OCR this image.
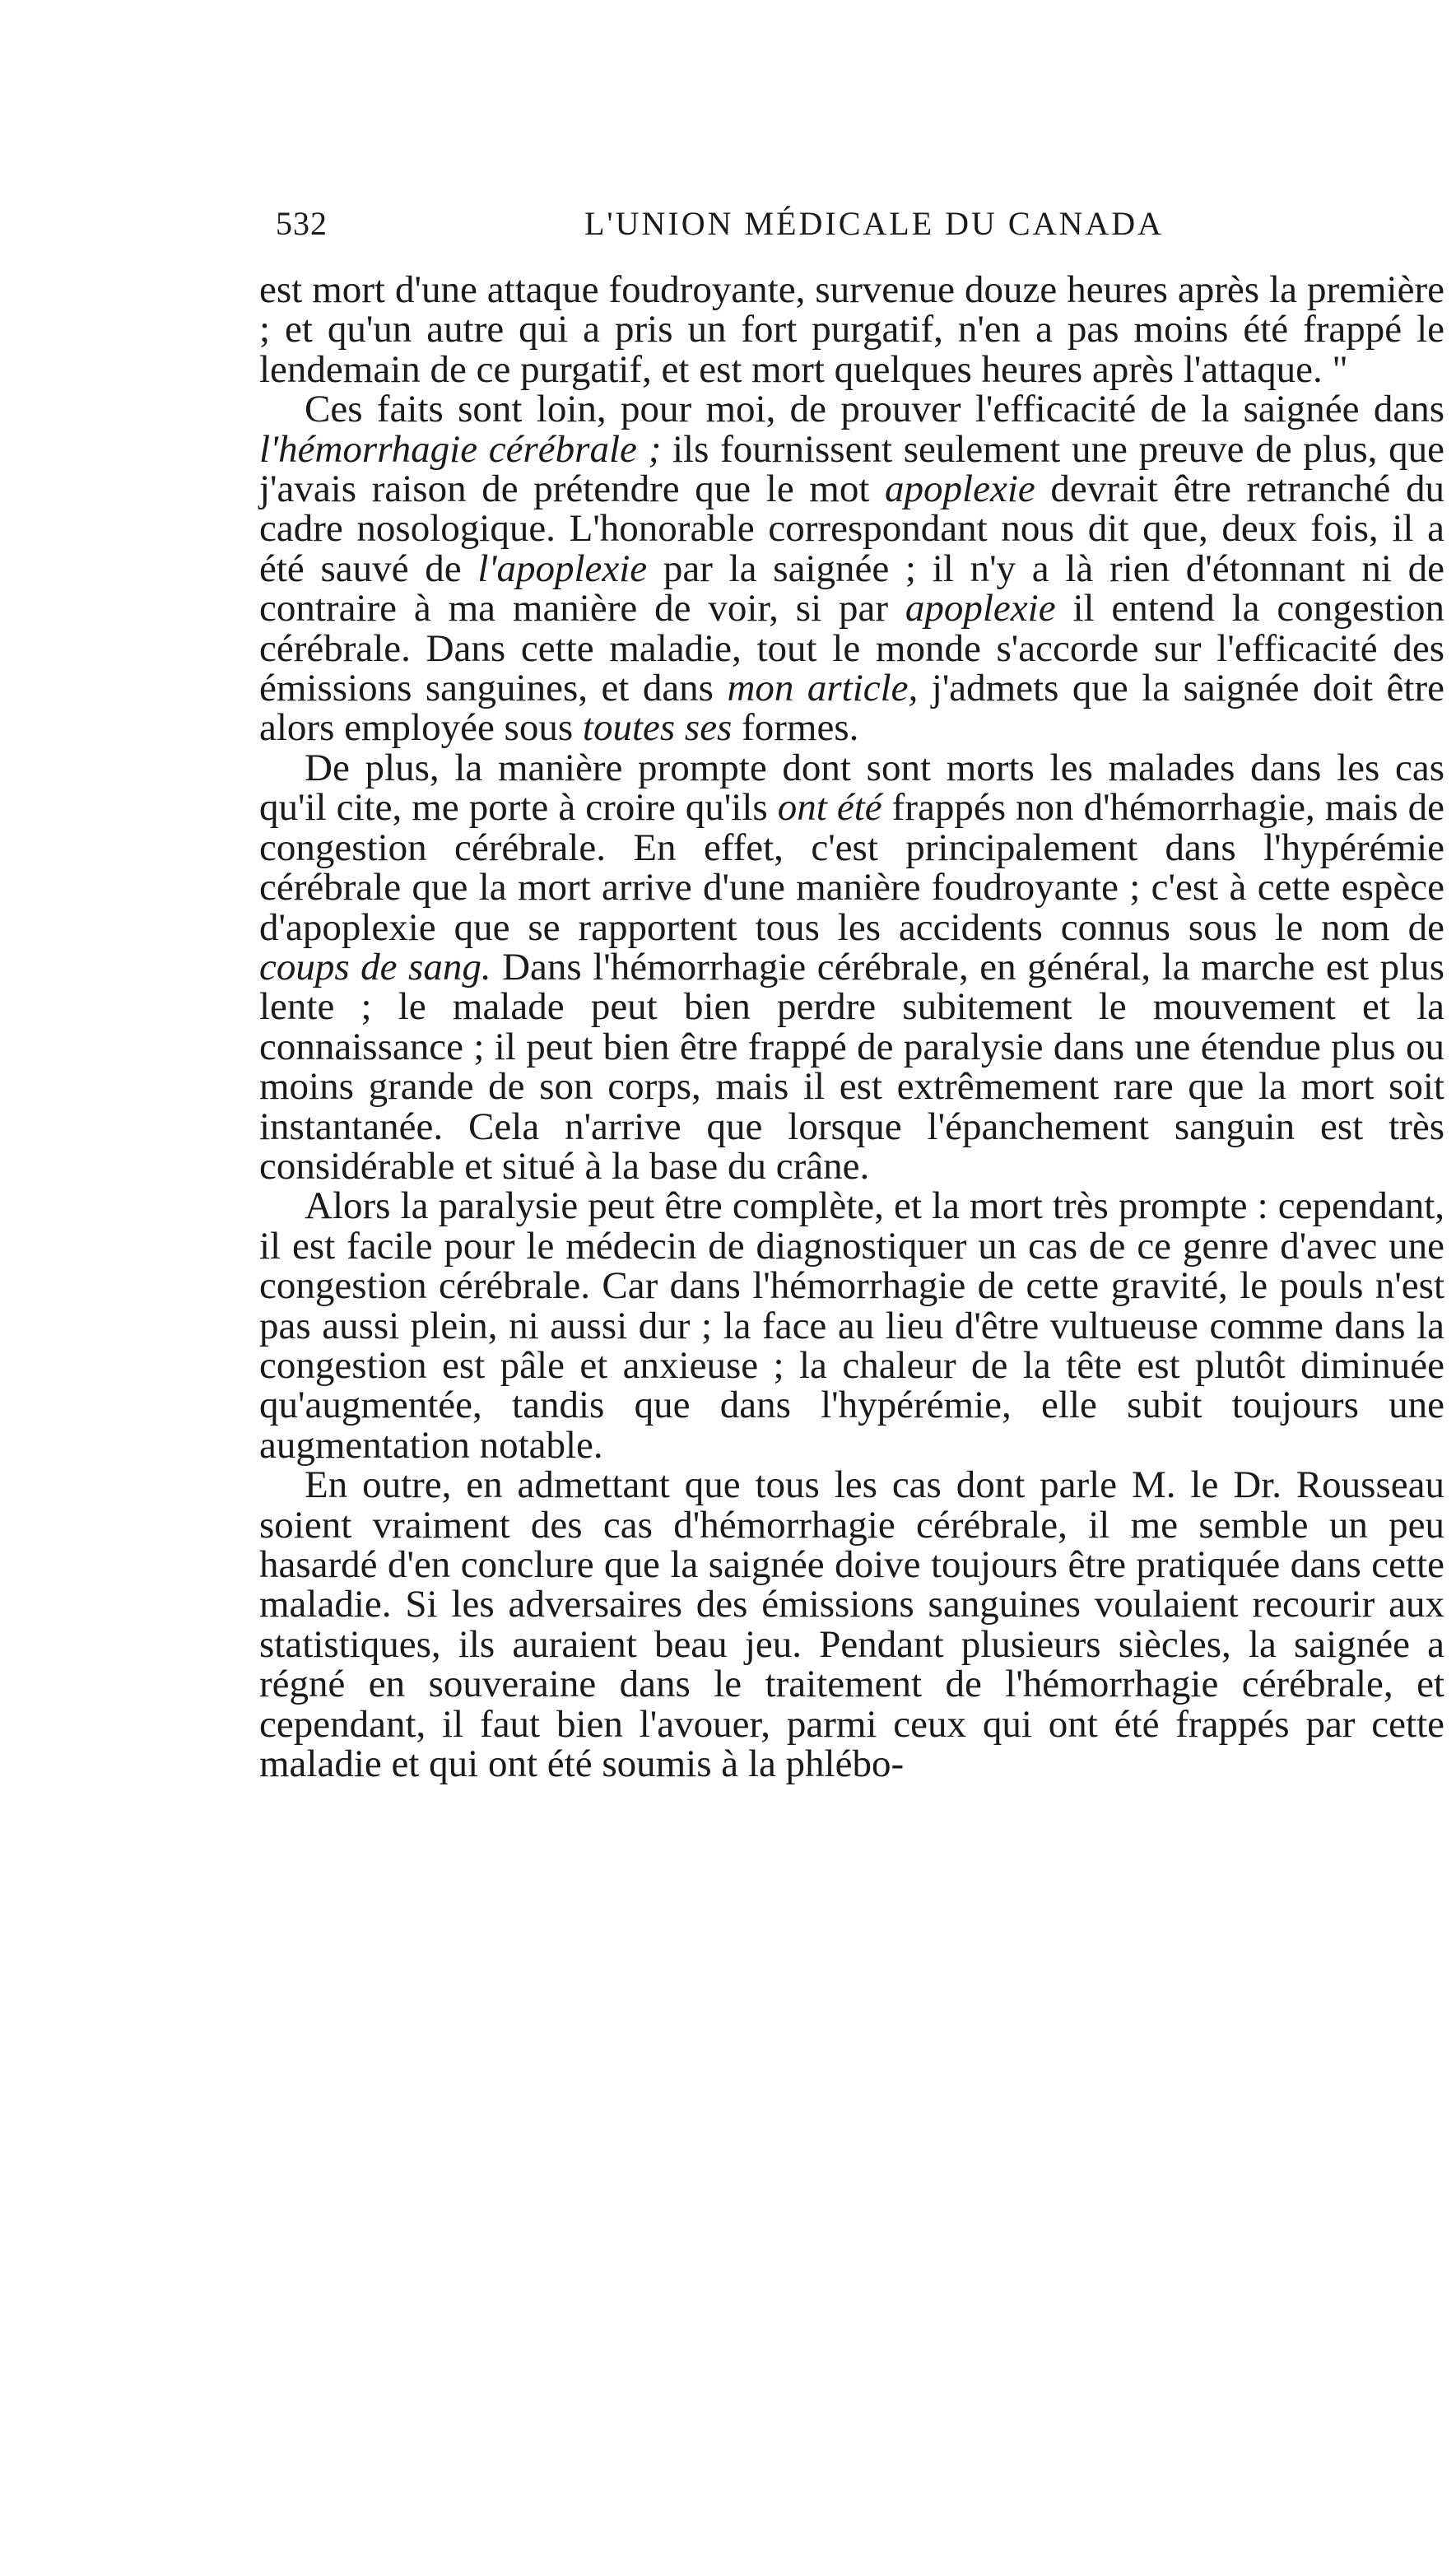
532	L'UNION MÉDICALE DU CANADA

est mort d'une attaque foudroyante, survenue douze heures après la première ; et qu'un autre qui a pris un fort purgatif, n'en a pas moins été frappé le lendemain de ce purgatif, et est mort quelques heures après l'attaque. "

Ces faits sont loin, pour moi, de prouver l'efficacité de la saignée dans l'hémorrhagie cérébrale ; ils fournissent seulement une preuve de plus, que j'avais raison de prétendre que le mot apoplexie devrait être retranché du cadre nosologique. L'honorable correspondant nous dit que, deux fois, il a été sauvé de l'apoplexie par la saignée ; il n'y a là rien d'étonnant ni de contraire à ma manière de voir, si par apoplexie il entend la congestion cérébrale. Dans cette maladie, tout le monde s'accorde sur l'efficacité des émissions sanguines, et dans mon article, j'admets que la saignée doit être alors employée sous toutes ses formes.

De plus, la manière prompte dont sont morts les malades dans les cas qu'il cite, me porte à croire qu'ils ont été frappés non d'hémorrhagie, mais de congestion cérébrale. En effet, c'est principalement dans l'hypérémie cérébrale que la mort arrive d'une manière foudroyante ; c'est à cette espèce d'apoplexie que se rapportent tous les accidents connus sous le nom de coups de sang. Dans l'hémorrhagie cérébrale, en général, la marche est plus lente ; le malade peut bien perdre subitement le mouvement et la connaissance ; il peut bien être frappé de paralysie dans une étendue plus ou moins grande de son corps, mais il est extrêmement rare que la mort soit instantanée. Cela n'arrive que lorsque l'épanchement sanguin est très considérable et situé à la base du crâne.

Alors la paralysie peut être complète, et la mort très prompte : cependant, il est facile pour le médecin de diagnostiquer un cas de ce genre d'avec une congestion cérébrale. Car dans l'hémorrhagie de cette gravité, le pouls n'est pas aussi plein, ni aussi dur ; la face au lieu d'être vultueuse comme dans la congestion est pâle et anxieuse ; la chaleur de la tête est plutôt diminuée qu'augmentée, tandis que dans l'hypérémie, elle subit toujours une augmentation notable.

En outre, en admettant que tous les cas dont parle M. le Dr. Rousseau soient vraiment des cas d'hémorrhagie cérébrale, il me semble un peu hasardé d'en conclure que la saignée doive toujours être pratiquée dans cette maladie. Si les adversaires des émissions sanguines voulaient recourir aux statistiques, ils auraient beau jeu. Pendant plusieurs siècles, la saignée a régné en souveraine dans le traitement de l'hémorrhagie cérébrale, et cependant, il faut bien l'avouer, parmi ceux qui ont été frappés par cette maladie et qui ont été soumis à la phlébo-
